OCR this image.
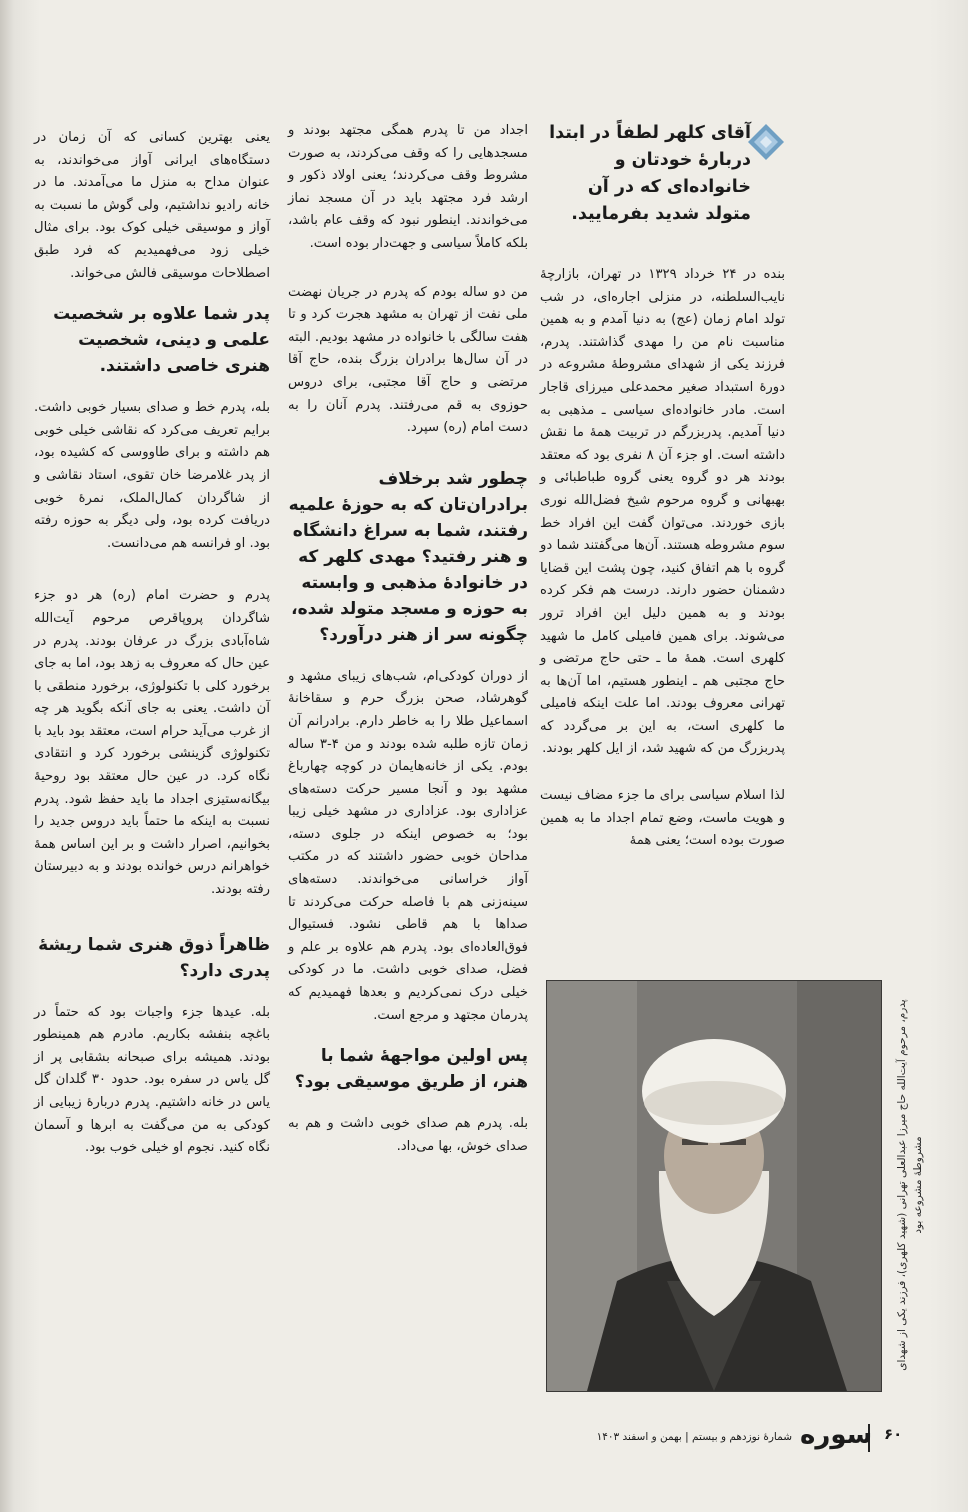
آقای کلهر لطفاً در ابتدا دربارهٔ خودتان و خانواده‌ای که در آن متولد شدید بفرمایید.

بنده در ۲۴ خرداد ۱۳۲۹ در تهران، بازارچهٔ نایب‌السلطنه، در منزلی اجاره‌ای، در شب تولد امام زمان (عج) به دنیا آمدم و به همین مناسبت نام من را مهدی گذاشتند. پدرم، فرزند یکی از شهدای مشروطهٔ مشروعه در دورهٔ استبداد صغیر محمدعلی میرزای قاجار است. مادر خانواده‌ای سیاسی ـ مذهبی به دنیا آمدیم. پدربزرگم در تربیت همهٔ ما نقش داشته است. او جزء آن ۸ نفری بود که معتقد بودند هر دو گروه یعنی گروه طباطبائی و بهبهانی و گروه مرحوم شیخ فضل‌الله نوری بازی خوردند. می‌توان گفت این افراد خط سوم مشروطه هستند. آن‌ها می‌گفتند شما دو گروه با هم اتفاق کنید، چون پشت این قضایا دشمنان حضور دارند. درست هم فکر کرده بودند و به همین دلیل این افراد ترور می‌شوند. برای همین فامیلی کامل ما شهید کلهری است. همهٔ ما ـ حتی حاج مرتضی و حاج مجتبی هم ـ اینطور هستیم، اما آن‌ها به تهرانی معروف بودند. اما علت اینکه فامیلی ما کلهری است، به این بر می‌گردد که پدربزرگ من که شهید شد، از ایل کلهر بودند.

لذا اسلام سیاسی برای ما جزء مضاف نیست و هویت ماست، وضع تمام اجداد ما به همین صورت بوده است؛ یعنی همهٔ

اجداد من تا پدرم همگی مجتهد بودند و مسجدهایی را که وقف می‌کردند، به صورت مشروط وقف می‌کردند؛ یعنی اولاد ذکور و ارشد فرد مجتهد باید در آن مسجد نماز می‌خواندند. اینطور نبود که وقف عام باشد، بلکه کاملاً سیاسی و جهت‌دار بوده است.

من دو ساله بودم که پدرم در جریان نهضت ملی نفت از تهران به مشهد هجرت کرد و تا هفت سالگی با خانواده در مشهد بودیم. البته در آن سال‌ها برادران بزرگ بنده، حاج آقا مرتضی و حاج آقا مجتبی، برای دروس حوزوی به قم می‌رفتند. پدرم آنان را به دست امام (ره) سپرد.

چطور شد برخلاف برادران‌تان که به حوزهٔ علمیه رفتند، شما به سراغ دانشگاه و هنر رفتید؟ مهدی کلهر که در خانوادهٔ مذهبی و وابسته به حوزه و مسجد متولد شده، چگونه سر از هنر درآورد؟

از دوران کودکی‌ام، شب‌های زیبای مشهد و گوهرشاد، صحن بزرگ حرم و سقاخانهٔ اسماعیل طلا را به خاطر دارم. برادرانم آن زمان تازه طلبه شده بودند و من ۴-۳ ساله بودم. یکی از خانه‌هایمان در کوچه چهارباغ مشهد بود و آنجا مسیر حرکت دسته‌های عزاداری بود. عزاداری در مشهد خیلی زیبا بود؛ به خصوص اینکه در جلوی دسته، مداحان خوبی حضور داشتند که در مکتب آواز خراسانی می‌خواندند. دسته‌های سینه‌زنی هم با فاصله حرکت می‌کردند تا صداها با هم قاطی نشود. فستیوال فوق‌العاده‌ای بود. پدرم هم علاوه بر علم و فضل، صدای خوبی داشت. ما در کودکی خیلی درک نمی‌کردیم و بعدها فهمیدیم که پدرمان مجتهد و مرجع است.

پس اولین مواجههٔ شما با هنر، از طریق موسیقی بود؟

بله. پدرم هم صدای خوبی داشت و هم به صدای خوش، بها می‌داد.

یعنی بهترین کسانی که آن زمان در دستگاه‌های ایرانی آواز می‌خواندند، به عنوان مداح به منزل ما می‌آمدند. ما در خانه رادیو نداشتیم، ولی گوش ما نسبت به آواز و موسیقی خیلی کوک بود. برای مثال خیلی زود می‌فهمیدیم که فرد طبق اصطلاحات موسیقی فالش می‌خواند.

پدر شما علاوه بر شخصیت علمی و دینی، شخصیت هنری خاصی داشتند.

بله، پدرم خط و صدای بسیار خوبی داشت. برایم تعریف می‌کرد که نقاشی خیلی خوبی هم داشته و برای طاووسی که کشیده بود، از پدر غلامرضا خان تقوی، استاد نقاشی و از شاگردان کمال‌الملک، نمرهٔ خوبی دریافت کرده بود، ولی دیگر به حوزه رفته بود. او فرانسه هم می‌دانست.

پدرم و حضرت امام (ره) هر دو جزء شاگردان پروپاقرص مرحوم آیت‌الله شاه‌آبادی بزرگ در عرفان بودند. پدرم در عین حال که معروف به زهد بود، اما به جای برخورد کلی با تکنولوژی، برخورد منطقی با آن داشت. یعنی به جای آنکه بگوید هر چه از غرب می‌آید حرام است، معتقد بود باید با تکنولوژی گزینشی برخورد کرد و انتقادی نگاه کرد. در عین حال معتقد بود روحیهٔ بیگانه‌ستیزی اجداد ما باید حفظ شود. پدرم نسبت به اینکه ما حتماً باید دروس جدید را بخوانیم، اصرار داشت و بر این اساس همهٔ خواهرانم درس خوانده بودند و به دبیرستان رفته بودند.

ظاهراً ذوق هنری شما ریشهٔ پدری دارد؟

بله. عیدها جزء واجبات بود که حتماً در باغچه بنفشه بکاریم. مادرم هم همینطور بودند. همیشه برای صبحانه بشقابی پر از گل یاس در سفره بود. حدود ۳۰ گلدان گل یاس در خانه داشتیم. پدرم دربارهٔ زیبایی از کودکی به من می‌گفت به ابرها و آسمان نگاه کنید. نجوم او خیلی خوب بود.	پدرم، مرحوم آیت‌الله حاج میرزا عبدالعلی تهرانی (شهید کلهری)، فرزند یکی از شهدای مشروطهٔ مشروعه بود
۶۰
سوره
شمارهٔ نوزدهم و بیستم | بهمن و اسفند ۱۴۰۳
